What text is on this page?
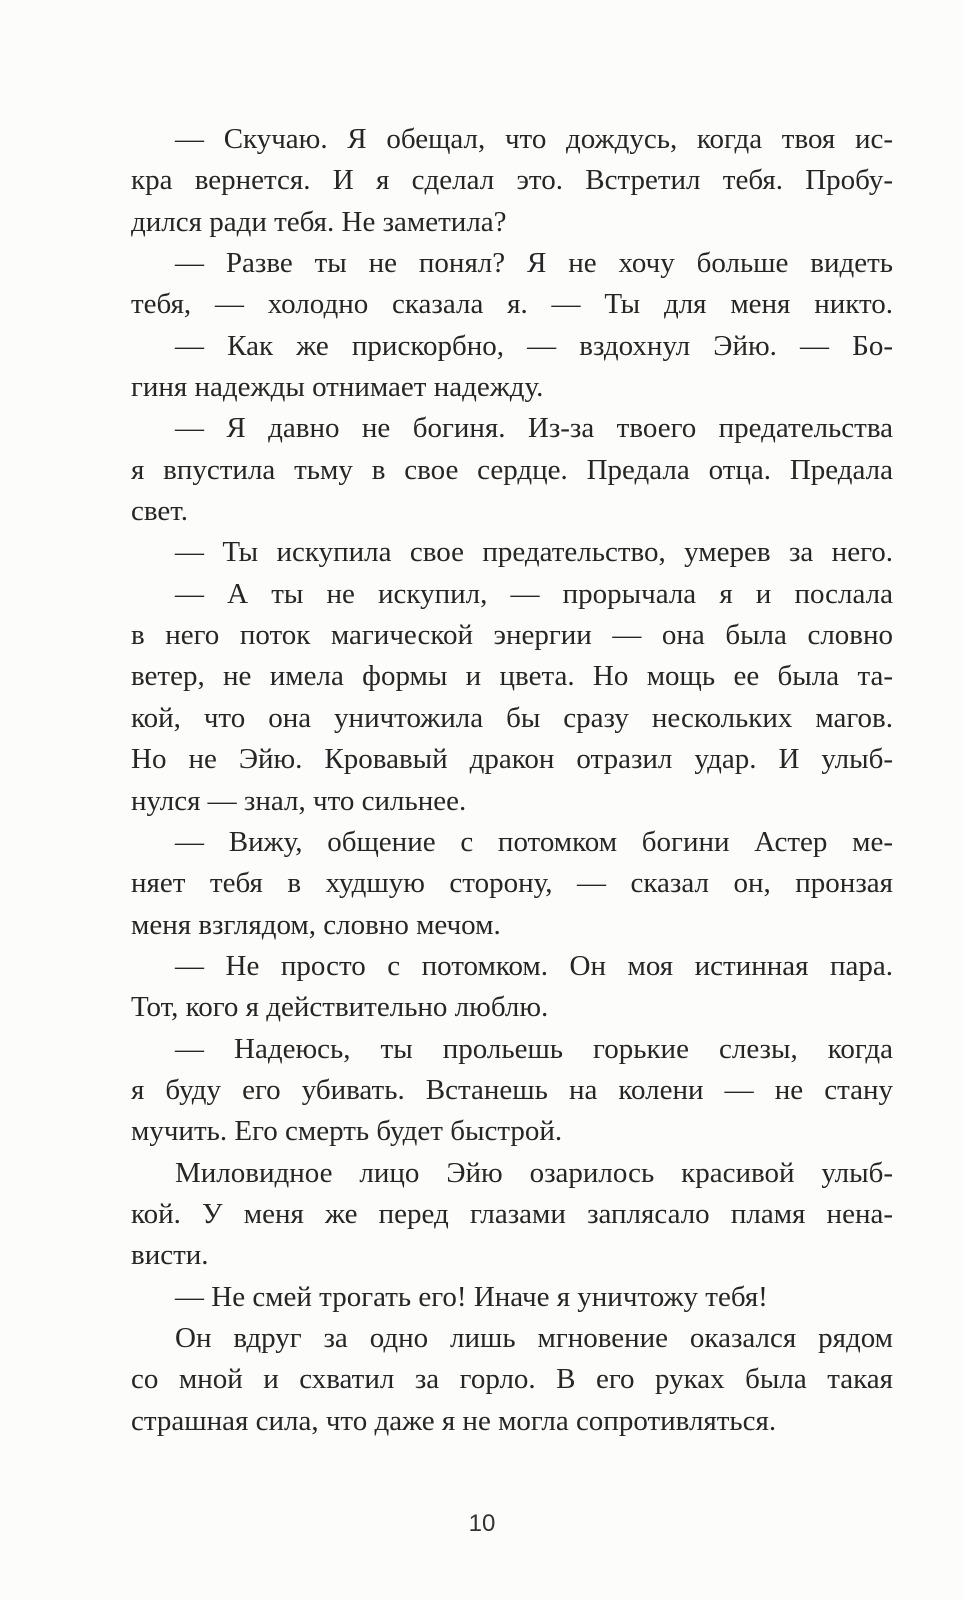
— Скучаю. Я обещал, что дождусь, когда твоя ис-
кра вернется. И я сделал это. Встретил тебя. Пробу-
дился ради тебя. Не заметила?
— Разве ты не понял? Я не хочу больше видеть
тебя, — холодно сказала я. — Ты для меня никто.
— Как же прискорбно, — вздохнул Эйю. — Бо-
гиня надежды отнимает надежду.
— Я давно не богиня. Из-за твоего предательства
я впустила тьму в свое сердце. Предала отца. Предала
свет.
— Ты искупила свое предательство, умерев за него.
— А ты не искупил, — прорычала я и послала
в него поток магической энергии — она была словно
ветер, не имела формы и цвета. Но мощь ее была та-
кой, что она уничтожила бы сразу нескольких магов.
Но не Эйю. Кровавый дракон отразил удар. И улыб-
нулся — знал, что сильнее.
— Вижу, общение с потомком богини Астер ме-
няет тебя в худшую сторону, — сказал он, пронзая
меня взглядом, словно мечом.
— Не просто с потомком. Он моя истинная пара.
Тот, кого я действительно люблю.
— Надеюсь, ты прольешь горькие слезы, когда
я буду его убивать. Встанешь на колени — не стану
мучить. Его смерть будет быстрой.
Миловидное лицо Эйю озарилось красивой улыб-
кой. У меня же перед глазами заплясало пламя нена-
висти.
— Не смей трогать его! Иначе я уничтожу тебя!
Он вдруг за одно лишь мгновение оказался рядом
со мной и схватил за горло. В его руках была такая
страшная сила, что даже я не могла сопротивляться.
10
